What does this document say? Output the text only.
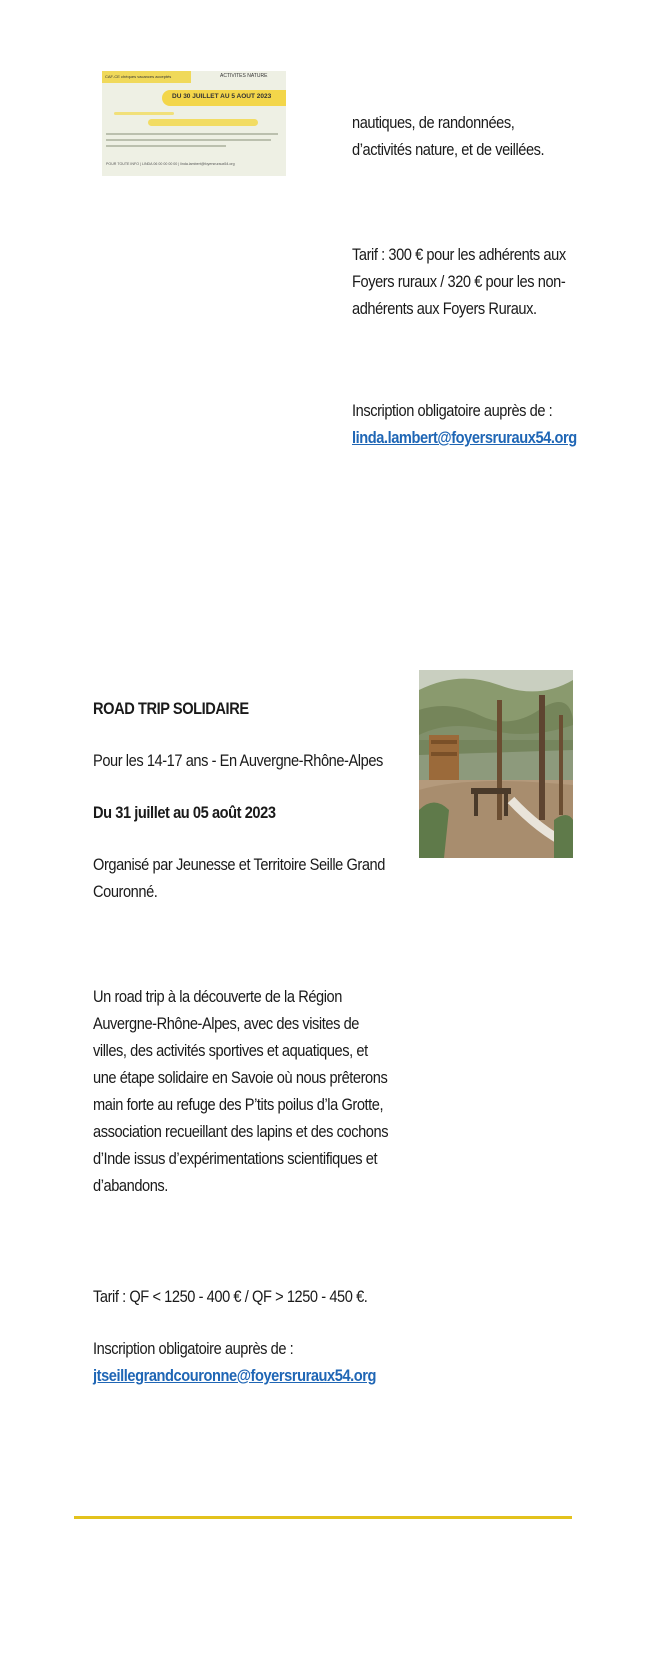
CAF-CE chèques vacances acceptés	ACTIVITES NATURE
DU 30 JUILLET AU 5 AOUT 2023
POUR TOUTE INFO | LINDA 06 00 00 00 00 | linda.lambert@foyersruraux54.org

nautiques, de randonnées,

d’activités nature, et de veillées.

Tarif : 300 € pour les adhérents aux

Foyers ruraux / 320 € pour les non-

adhérents aux Foyers Ruraux.

Inscription obligatoire auprès de :

linda.lambert@foyersruraux54.org

ROAD TRIP SOLIDAIRE

Pour les 14-17 ans - En Auvergne-Rhône-Alpes

Du 31 juillet au 05 août 2023

Organisé par Jeunesse et Territoire Seille Grand

Couronné.

Un road trip à la découverte de la Région

Auvergne-Rhône-Alpes, avec des visites de

villes, des activités sportives et aquatiques, et

une étape solidaire en Savoie où nous prêterons

main forte au refuge des P’tits poilus d’la Grotte,

association recueillant des lapins et des cochons

d’Inde issus d’expérimentations scientifiques et

d’abandons.

Tarif : QF < 1250 - 400 € / QF > 1250 - 450 €.

Inscription obligatoire auprès de :

jtseillegrandcouronne@foyersruraux54.org
